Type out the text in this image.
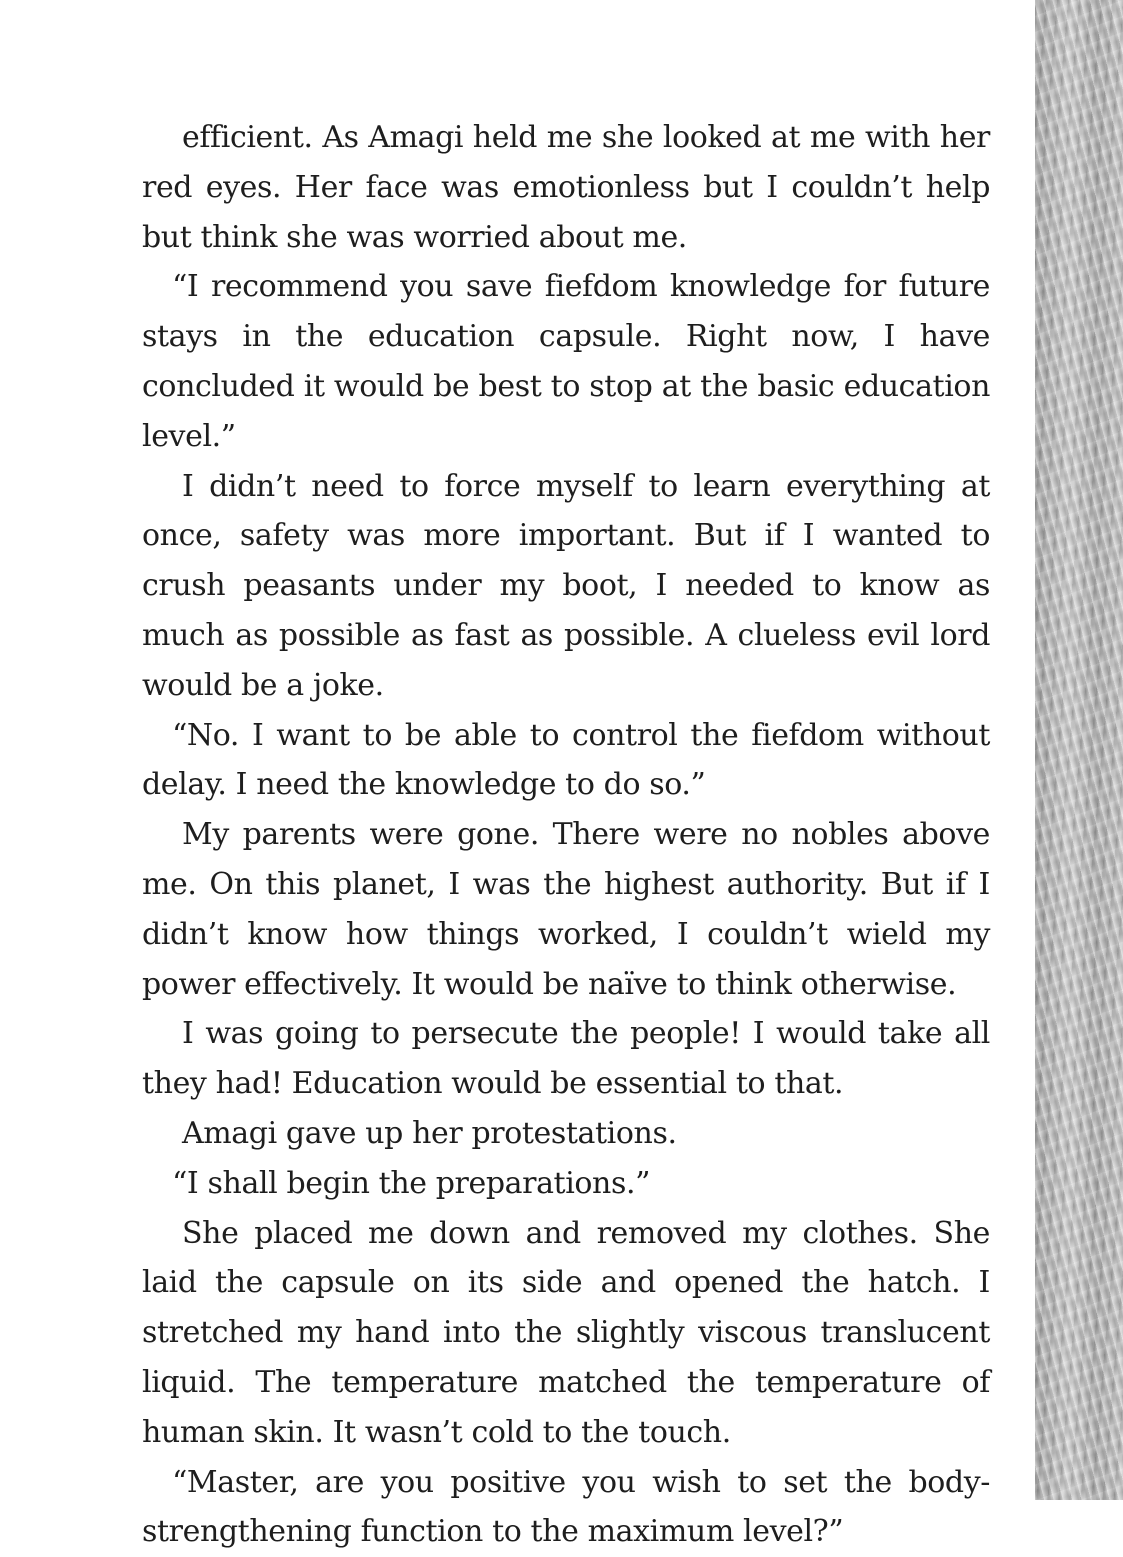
efficient. As Amagi held me she looked at me with her red eyes. Her face was emotionless but I couldn’t help but think she was worried about me.

“I recommend you save fiefdom knowledge for future stays in the education capsule. Right now, I have concluded it would be best to stop at the basic education level.”

I didn’t need to force myself to learn everything at once, safety was more important. But if I wanted to crush peasants under my boot, I needed to know as much as possible as fast as possible. A clueless evil lord would be a joke.

“No. I want to be able to control the fiefdom without delay. I need the knowledge to do so.”

My parents were gone. There were no nobles above me. On this planet, I was the highest authority. But if I didn’t know how things worked, I couldn’t wield my power effectively. It would be naïve to think otherwise.

I was going to persecute the people! I would take all they had! Education would be essential to that.

Amagi gave up her protestations.

“I shall begin the preparations.”

She placed me down and removed my clothes. She laid the capsule on its side and opened the hatch. I stretched my hand into the slightly viscous translucent liquid. The temperature matched the temperature of human skin. It wasn’t cold to the touch.

“Master, are you positive you wish to set the body-strengthening function to the maximum level?”
